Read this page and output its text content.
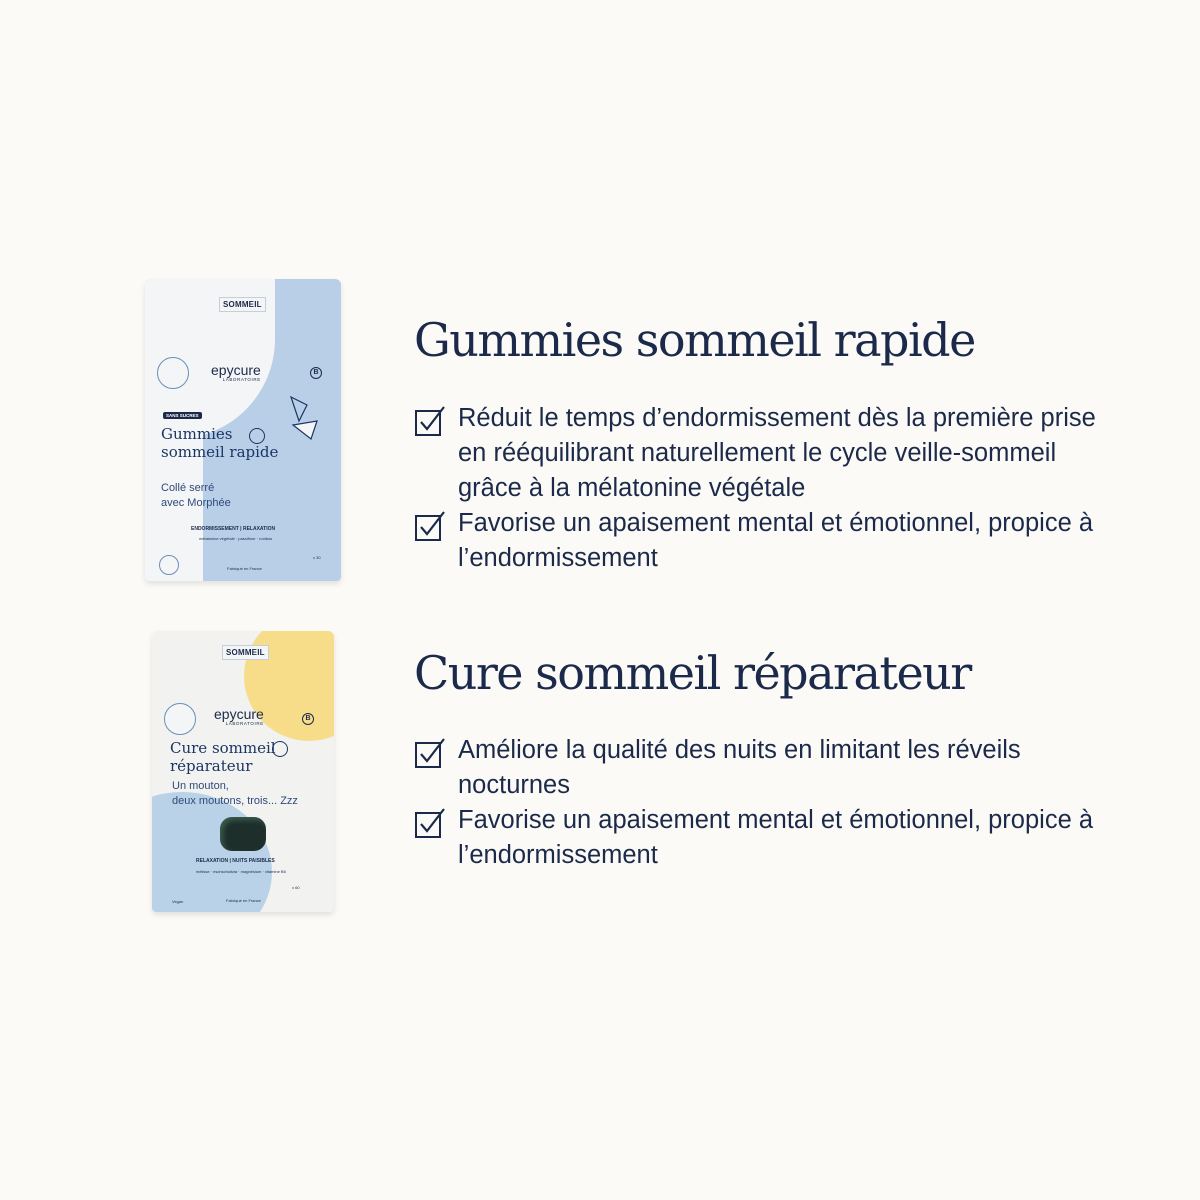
SOMMEIL
epycure
LABORATOIRE
B
SANS SUCRES
Gummies
sommeil rapide
Collé serré
avec Morphée
ENDORMISSEMENT | RELAXATION
mélatonine végétale · passiflore · rooibos
x 30
Fabriqué en France
SOMMEIL
epycure
LABORATOIRE
B
Cure sommeil
réparateur
Un mouton,
deux moutons, trois... Zzz
RELAXATION | NUITS PAISIBLES
mélisse · eschscholtzia · magnésium · vitamine B6
x 60
Fabriqué en France
Vegan
Gummies sommeil rapide
Réduit le temps d’endormissement dès la première prise en rééquilibrant naturellement le cycle veille-sommeil grâce à la mélatonine végétale
Favorise un apaisement mental et émotionnel, propice à l’endormissement
Cure sommeil réparateur
Améliore la qualité des nuits en limitant les réveils nocturnes
Favorise un apaisement mental et émotionnel, propice à l’endormissement
